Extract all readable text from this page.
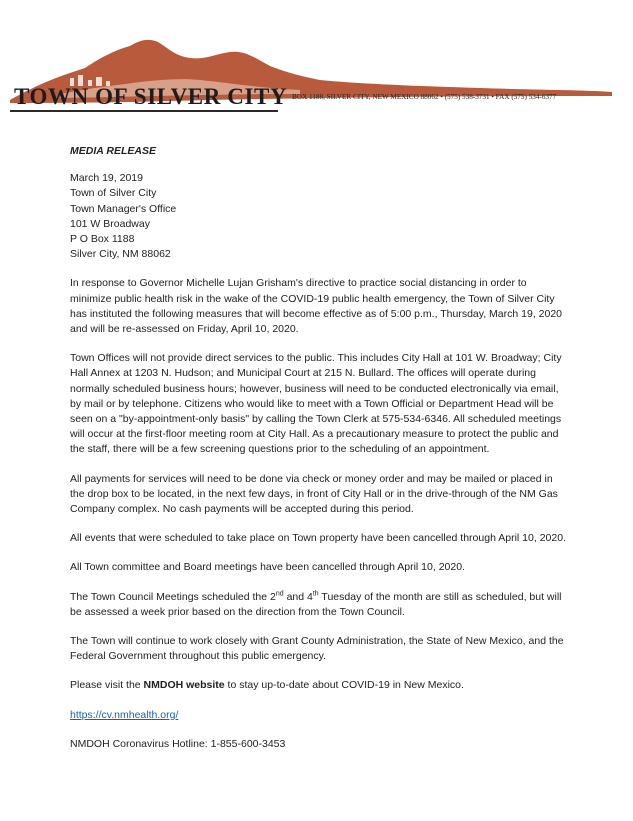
TOWN OF SILVER CITY BOX 1188, SILVER CITY, NEW MEXICO 88062 • (575) 538-3731 • FAX (575) 534-6377
MEDIA RELEASE
March 19, 2019
Town of Silver City
Town Manager's Office
101 W Broadway
P O Box 1188
Silver City, NM 88062

In response to Governor Michelle Lujan Grisham's directive to practice social distancing in order to minimize public health risk in the wake of the COVID-19 public health emergency, the Town of Silver City has instituted the following measures that will become effective as of 5:00 p.m., Thursday, March 19, 2020 and will be re-assessed on Friday, April 10, 2020.

Town Offices will not provide direct services to the public. This includes City Hall at 101 W. Broadway; City Hall Annex at 1203 N. Hudson; and Municipal Court at 215 N. Bullard. The offices will operate during normally scheduled business hours; however, business will need to be conducted electronically via email, by mail or by telephone. Citizens who would like to meet with a Town Official or Department Head will be seen on a "by-appointment-only basis" by calling the Town Clerk at 575-534-6346. All scheduled meetings will occur at the first-floor meeting room at City Hall. As a precautionary measure to protect the public and the staff, there will be a few screening questions prior to the scheduling of an appointment.

All payments for services will need to be done via check or money order and may be mailed or placed in the drop box to be located, in the next few days, in front of City Hall or in the drive-through of the NM Gas Company complex. No cash payments will be accepted during this period.

All events that were scheduled to take place on Town property have been cancelled through April 10, 2020.

All Town committee and Board meetings have been cancelled through April 10, 2020.

The Town Council Meetings scheduled the 2nd and 4th Tuesday of the month are still as scheduled, but will be assessed a week prior based on the direction from the Town Council.

The Town will continue to work closely with Grant County Administration, the State of New Mexico, and the Federal Government throughout this public emergency.

Please visit the NMDOH website to stay up-to-date about COVID-19 in New Mexico.

https://cv.nmhealth.org/

NMDOH Coronavirus Hotline: 1-855-600-3453
